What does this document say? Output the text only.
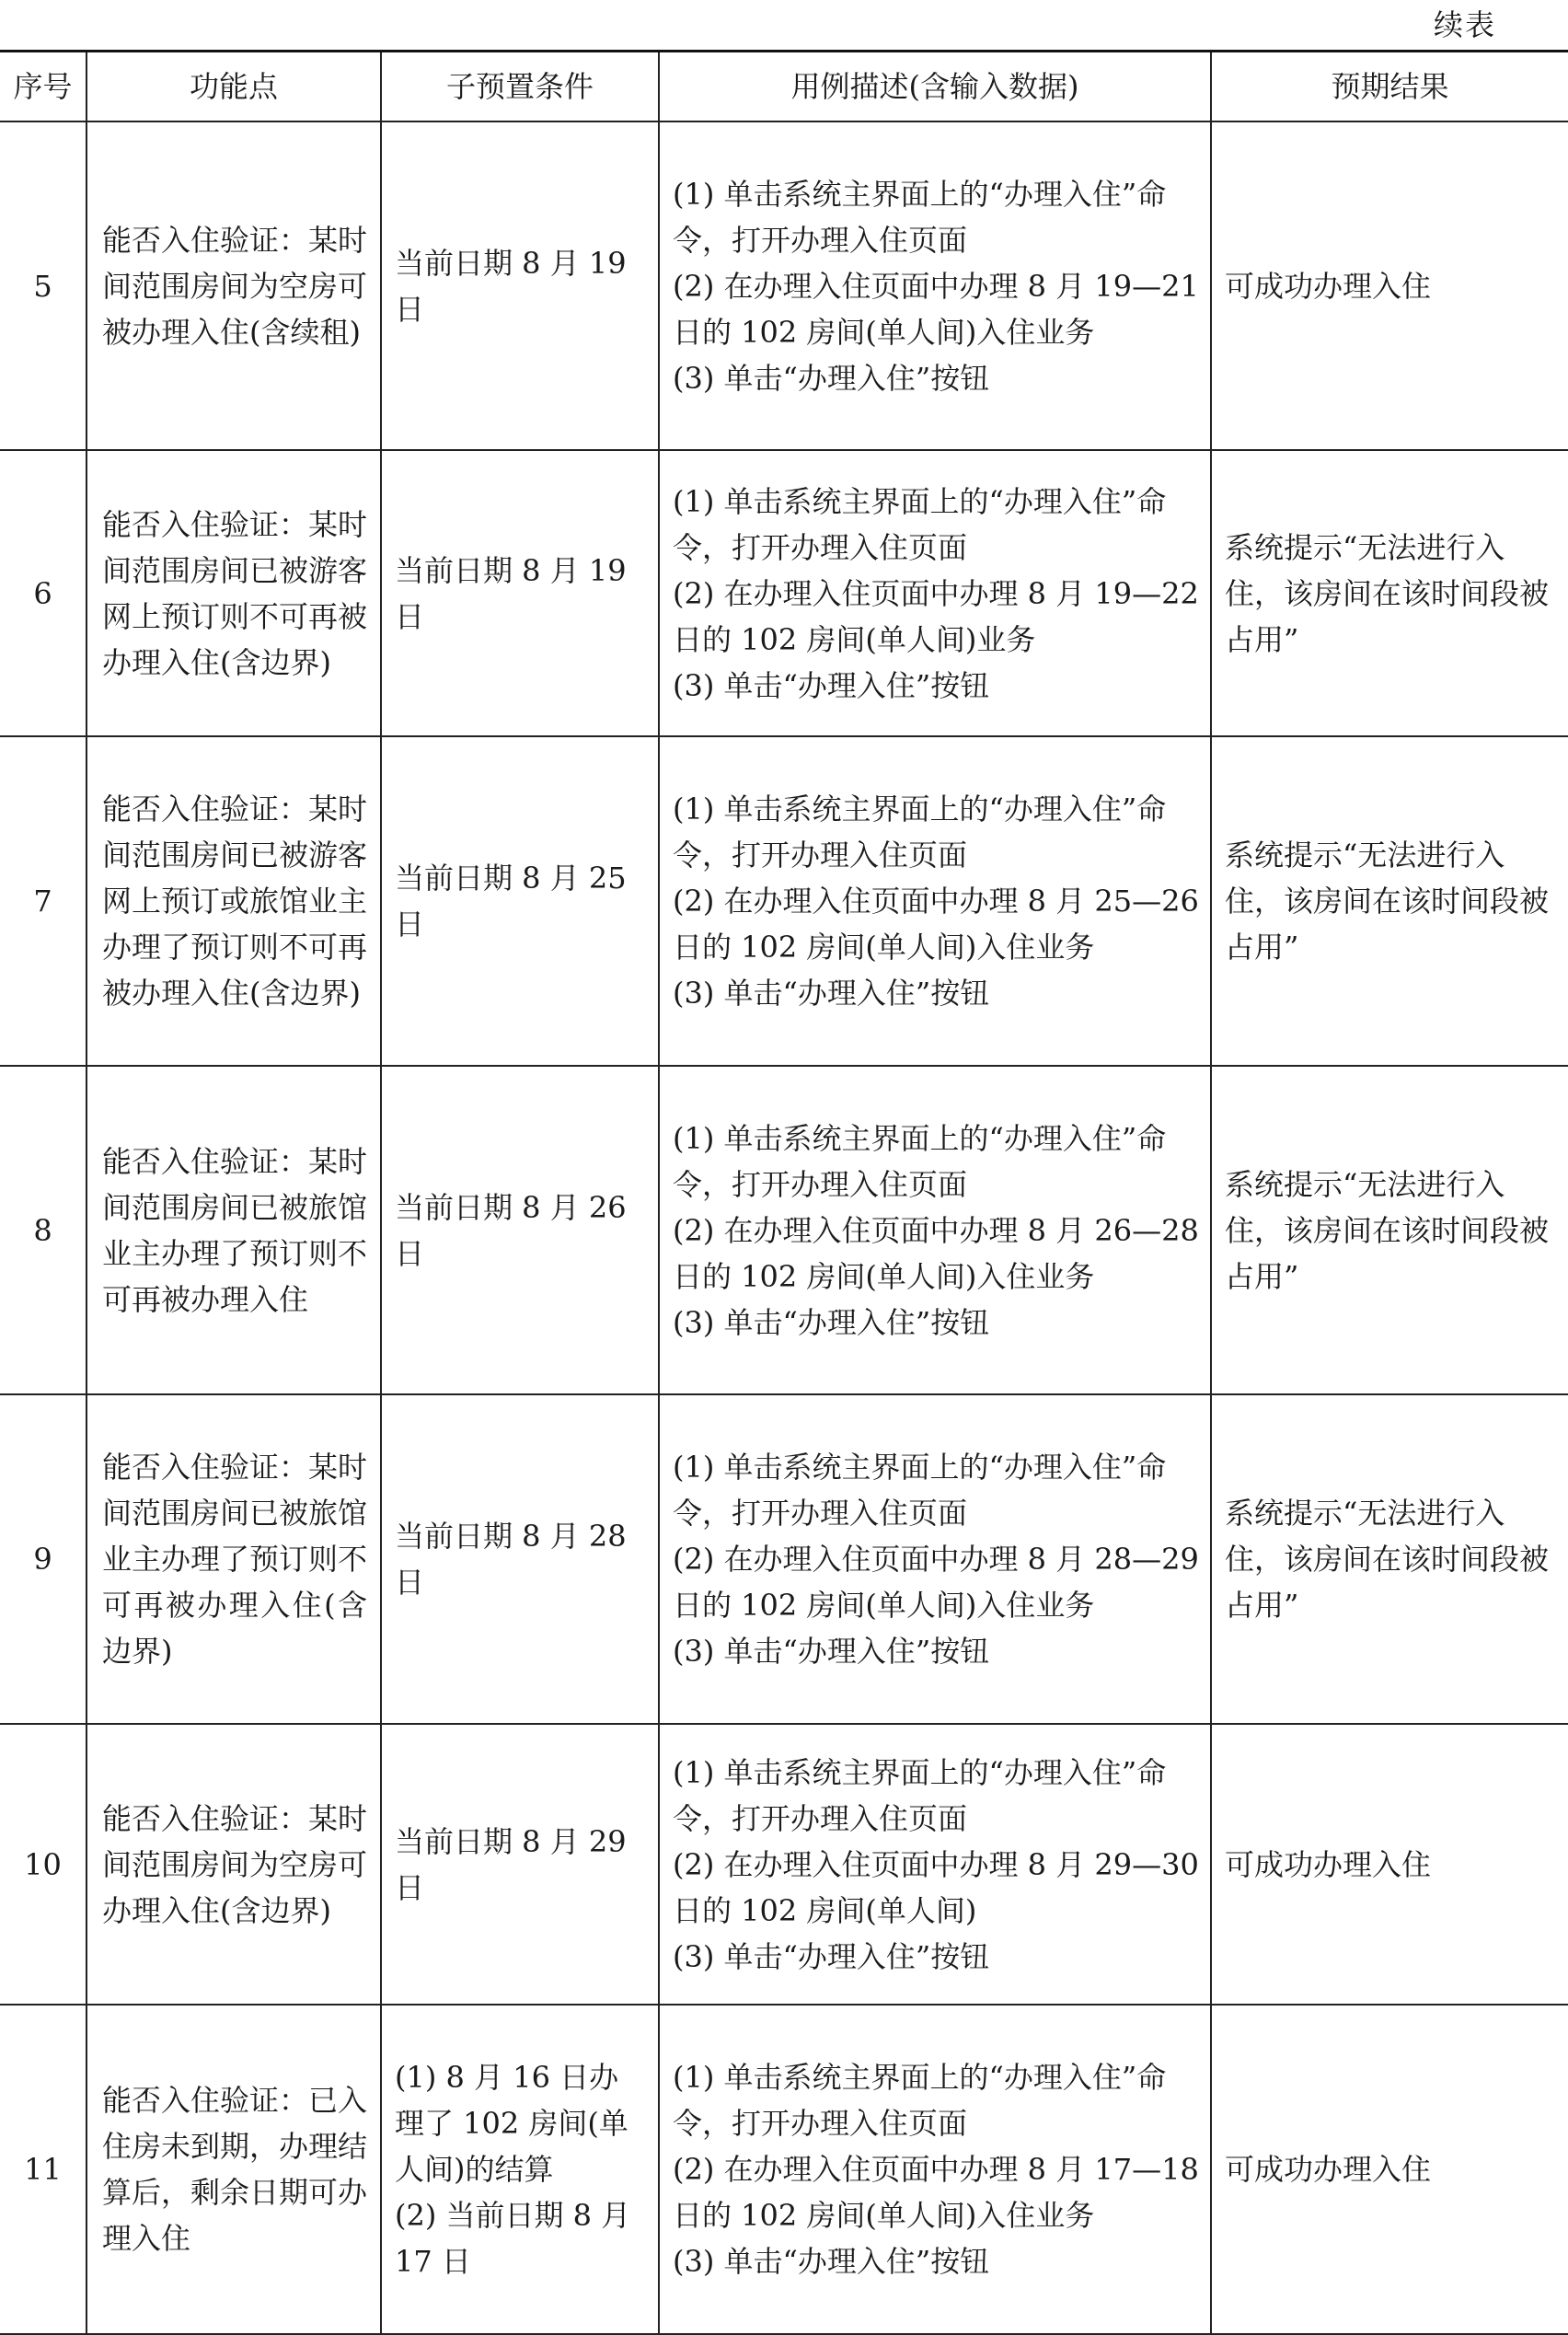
续表
序号	功能点	子预置条件	用例描述(含输入数据)	预期结果
5	能否入住验证：某时间范围房间为空房可被办理入住(含续租)	当前日期 8 月 19 日	(1) 单击系统主界面上的“办理入住”命令，打开办理入住页面
(2) 在办理入住页面中办理 8 月 19—21 日的 102 房间(单人间)入住业务
(3) 单击“办理入住”按钮	可成功办理入住
6	能否入住验证：某时间范围房间已被游客网上预订则不可再被办理入住(含边界)	当前日期 8 月 19 日	(1) 单击系统主界面上的“办理入住”命令，打开办理入住页面
(2) 在办理入住页面中办理 8 月 19—22 日的 102 房间(单人间)业务
(3) 单击“办理入住”按钮	系统提示“无法进行入住，该房间在该时间段被占用”
7	能否入住验证：某时间范围房间已被游客网上预订或旅馆业主办理了预订则不可再被办理入住(含边界)	当前日期 8 月 25 日	(1) 单击系统主界面上的“办理入住”命令，打开办理入住页面
(2) 在办理入住页面中办理 8 月 25—26 日的 102 房间(单人间)入住业务
(3) 单击“办理入住”按钮	系统提示“无法进行入住，该房间在该时间段被占用”
8	能否入住验证：某时间范围房间已被旅馆业主办理了预订则不可再被办理入住	当前日期 8 月 26 日	(1) 单击系统主界面上的“办理入住”命令，打开办理入住页面
(2) 在办理入住页面中办理 8 月 26—28 日的 102 房间(单人间)入住业务
(3) 单击“办理入住”按钮	系统提示“无法进行入住，该房间在该时间段被占用”
9	能否入住验证：某时间范围房间已被旅馆业主办理了预订则不可再被办理入住(含边界)	当前日期 8 月 28 日	(1) 单击系统主界面上的“办理入住”命令，打开办理入住页面
(2) 在办理入住页面中办理 8 月 28—29 日的 102 房间(单人间)入住业务
(3) 单击“办理入住”按钮	系统提示“无法进行入住，该房间在该时间段被占用”
10	能否入住验证：某时间范围房间为空房可办理入住(含边界)	当前日期 8 月 29 日	(1) 单击系统主界面上的“办理入住”命令，打开办理入住页面
(2) 在办理入住页面中办理 8 月 29—30 日的 102 房间(单人间)
(3) 单击“办理入住”按钮	可成功办理入住
11	能否入住验证：已入住房未到期，办理结算后，剩余日期可办理入住	(1) 8 月 16 日办理了 102 房间(单人间)的结算
(2) 当前日期 8 月 17 日	(1) 单击系统主界面上的“办理入住”命令，打开办理入住页面
(2) 在办理入住页面中办理 8 月 17—18 日的 102 房间(单人间)入住业务
(3) 单击“办理入住”按钮	可成功办理入住
